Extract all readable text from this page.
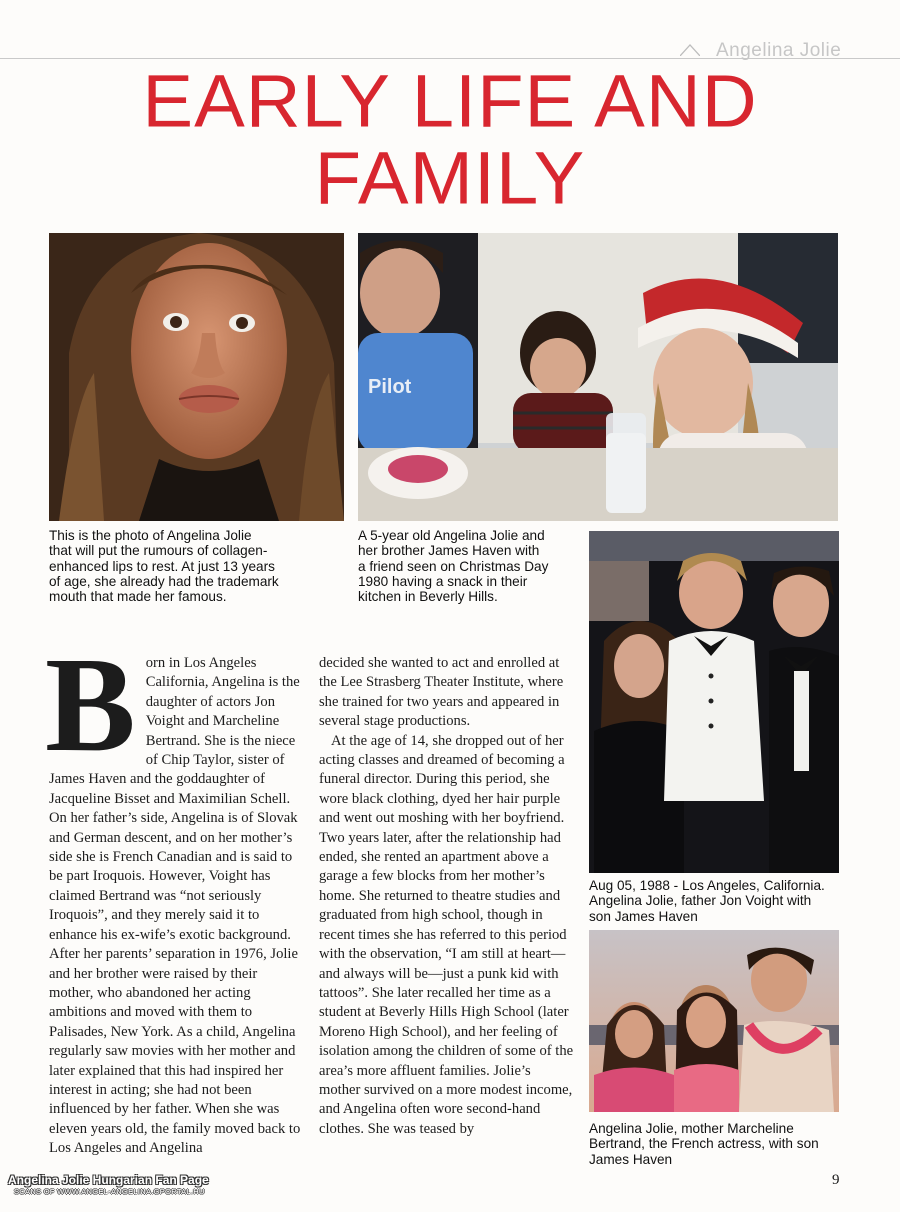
Angelina Jolie
EARLY LIFE AND
FAMILY
This is the photo of Angelina Jolie
that will put the rumours of collagen-
enhanced lips to rest. At just 13 years
of age, she already had the trademark
mouth that made her famous.
Pilot
A 5-year old Angelina Jolie and
her brother James Haven with
a friend seen on Christmas Day
1980 having a snack in their
kitchen in Beverly Hills.
Aug 05, 1988 - Los Angeles, California.
Angelina Jolie, father Jon Voight with
son James Haven
Angelina Jolie, mother Marcheline
Bertrand, the French actress, with son
James Haven

Born in Los Angeles California, Angelina is the daughter of actors Jon Voight and Marcheline Bertrand. She is the niece of Chip Taylor, sister of James Haven and the goddaughter of Jacqueline Bisset and Maximilian Schell. On her father’s side, Angelina is of Slovak and German descent, and on her mother’s side she is French Canadian and is said to be part Iroquois. However, Voight has claimed Bertrand was “not seriously Iroquois”, and they merely said it to enhance his ex-wife’s exotic background. After her parents’ separation in 1976, Jolie and her brother were raised by their mother, who abandoned her acting ambitions and moved with them to Palisades, New York. As a child, Angelina regularly saw movies with her mother and later explained that this had inspired her interest in acting; she had not been influenced by her father. When she was eleven years old, the family moved back to Los Angeles and Angelina

decided she wanted to act and enrolled at the Lee Strasberg Theater Institute, where she trained for two years and appeared in several stage productions.

At the age of 14, she dropped out of her acting classes and dreamed of becoming a funeral director. During this period, she wore black clothing, dyed her hair purple and went out moshing with her boyfriend. Two years later, after the relationship had ended, she rented an apartment above a garage a few blocks from her mother’s home. She returned to theatre studies and graduated from high school, though in recent times she has referred to this period with the observation, “I am still at heart—and always will be—just a punk kid with tattoos”. She later recalled her time as a student at Beverly Hills High School (later Moreno High School), and her feeling of isolation among the children of some of the area’s more affluent families. Jolie’s mother survived on a more modest income, and Angelina often wore second-hand clothes. She was teased by

9
Angelina Jolie Hungarian Fan Page
SCANS OF WWW.ANGEL-ANGELINA.GPORTAL.HU
